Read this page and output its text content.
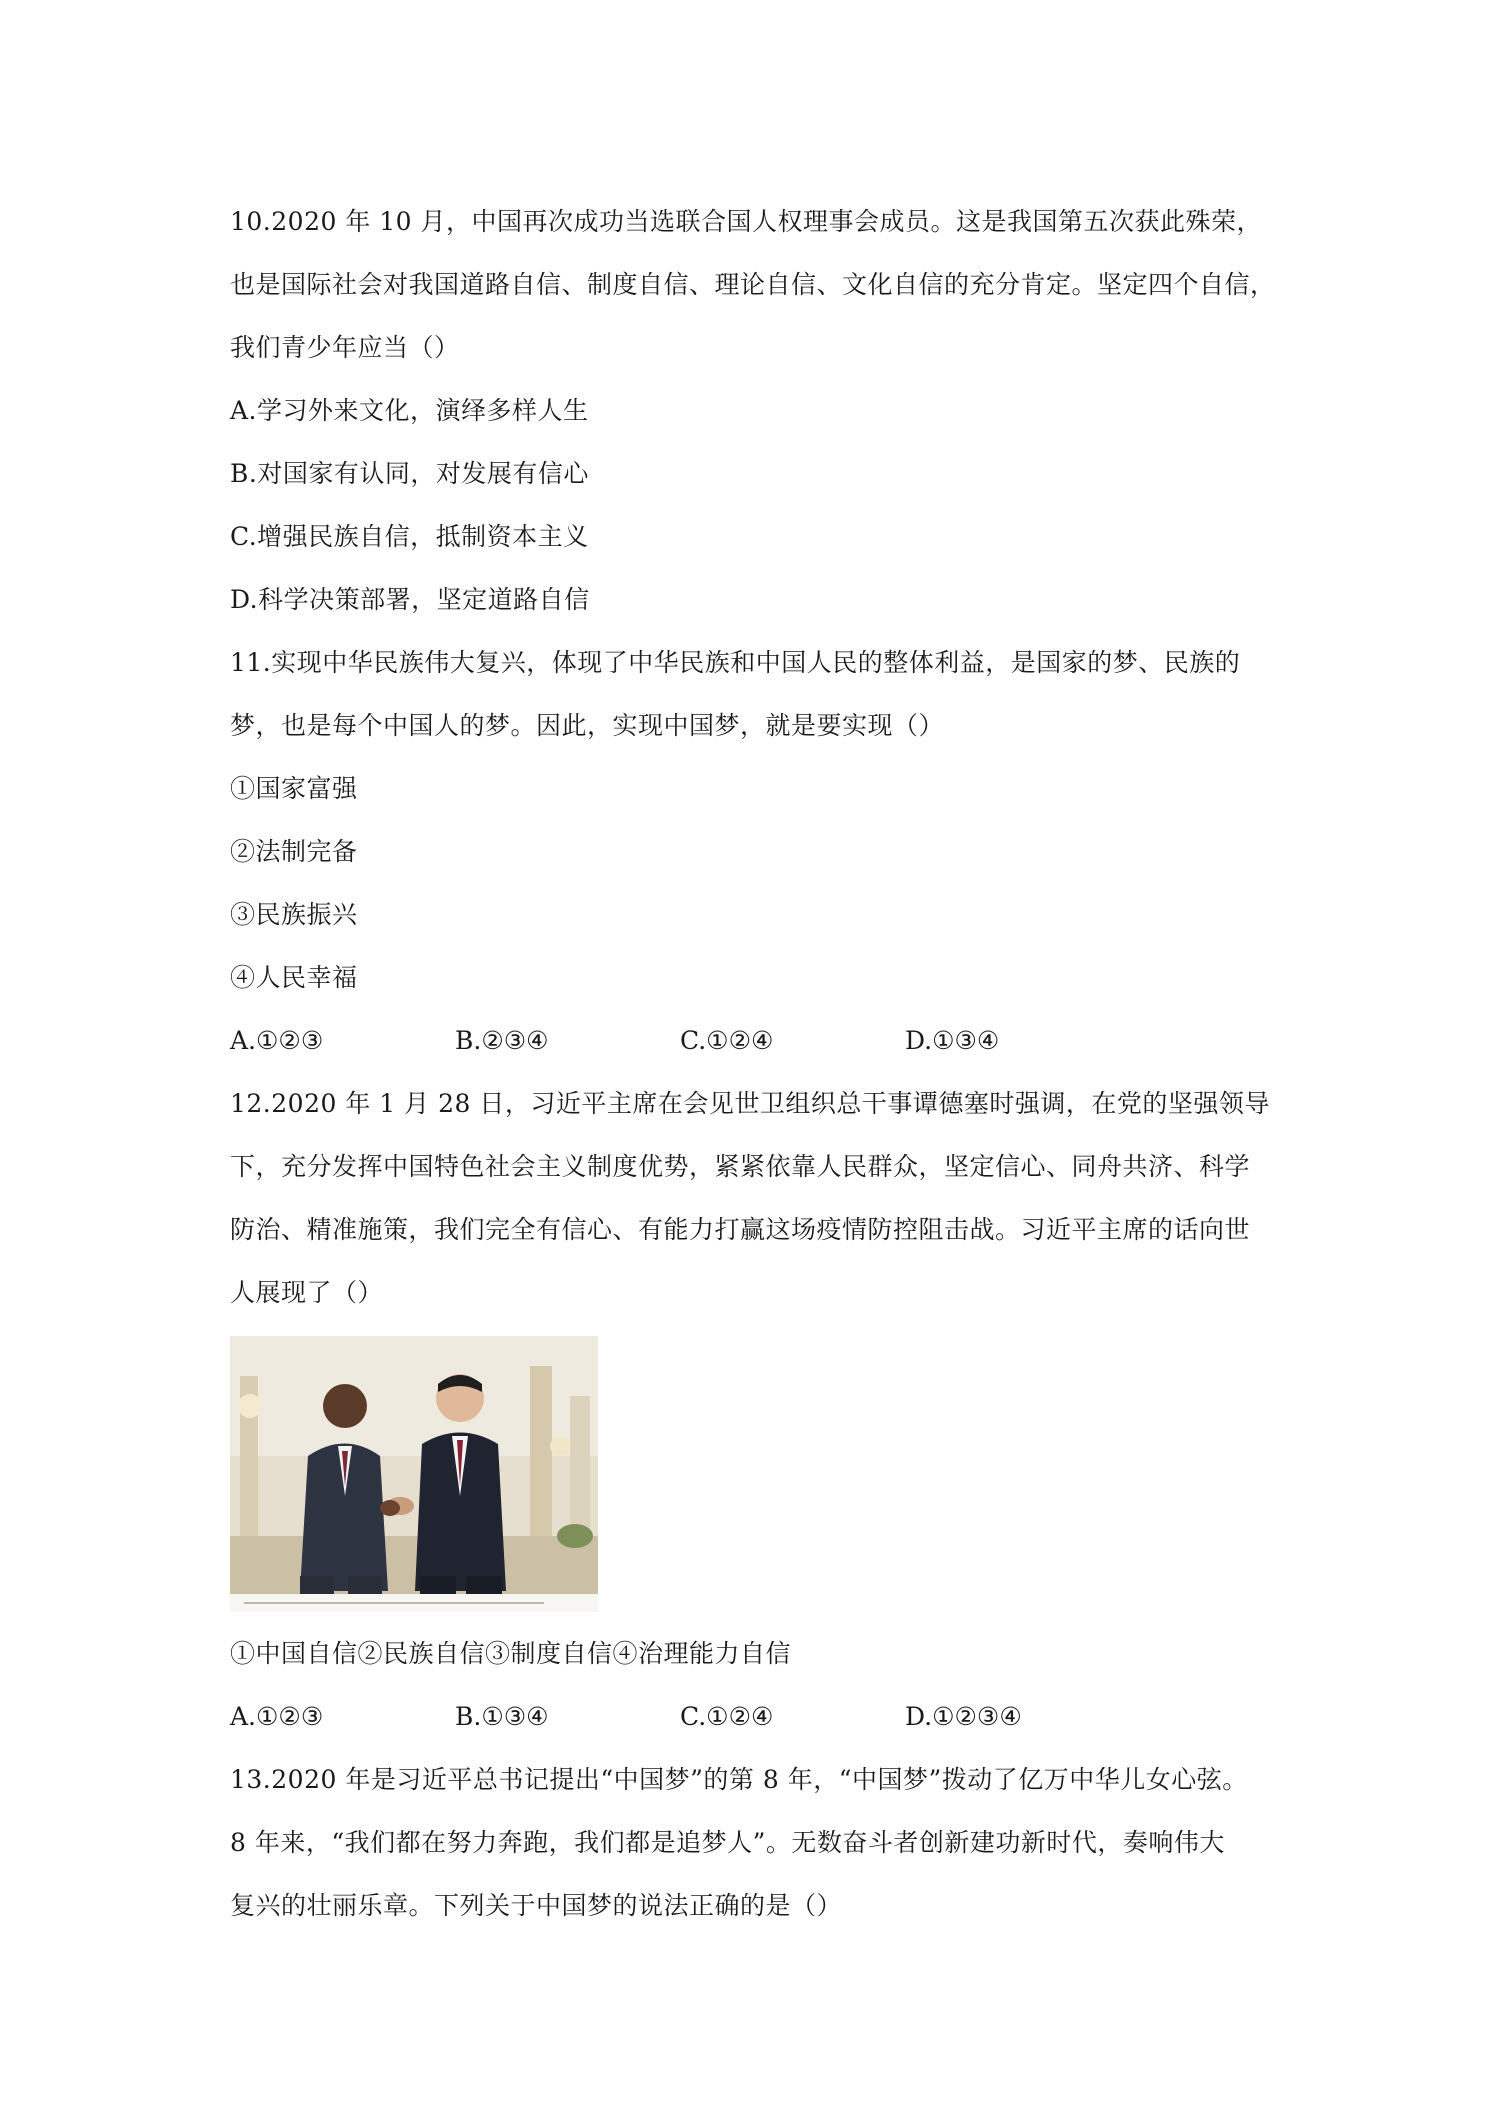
10.2020 年 10 月，中国再次成功当选联合国人权理事会成员。这是我国第五次获此殊荣，
也是国际社会对我国道路自信、制度自信、理论自信、文化自信的充分肯定。坚定四个自信，
我们青少年应当（）
A.学习外来文化，演绎多样人生
B.对国家有认同，对发展有信心
C.增强民族自信，抵制资本主义
D.科学决策部署，坚定道路自信
11.实现中华民族伟大复兴，体现了中华民族和中国人民的整体利益，是国家的梦、民族的
梦，也是每个中国人的梦。因此，实现中国梦，就是要实现（）
①国家富强
②法制完备
③民族振兴
④人民幸福
A.①②③	B.②③④	C.①②④	D.①③④
12.2020 年 1 月 28 日，习近平主席在会见世卫组织总干事谭德塞时强调，在党的坚强领导
下，充分发挥中国特色社会主义制度优势，紧紧依靠人民群众，坚定信心、同舟共济、科学
防治、精准施策，我们完全有信心、有能力打赢这场疫情防控阻击战。习近平主席的话向世
人展现了（）
①中国自信②民族自信③制度自信④治理能力自信
A.①②③	B.①③④	C.①②④	D.①②③④
13.2020 年是习近平总书记提出“中国梦”的第 8 年，“中国梦”拨动了亿万中华儿女心弦。
8 年来，“我们都在努力奔跑，我们都是追梦人”。无数奋斗者创新建功新时代，奏响伟大
复兴的壮丽乐章。下列关于中国梦的说法正确的是（）
